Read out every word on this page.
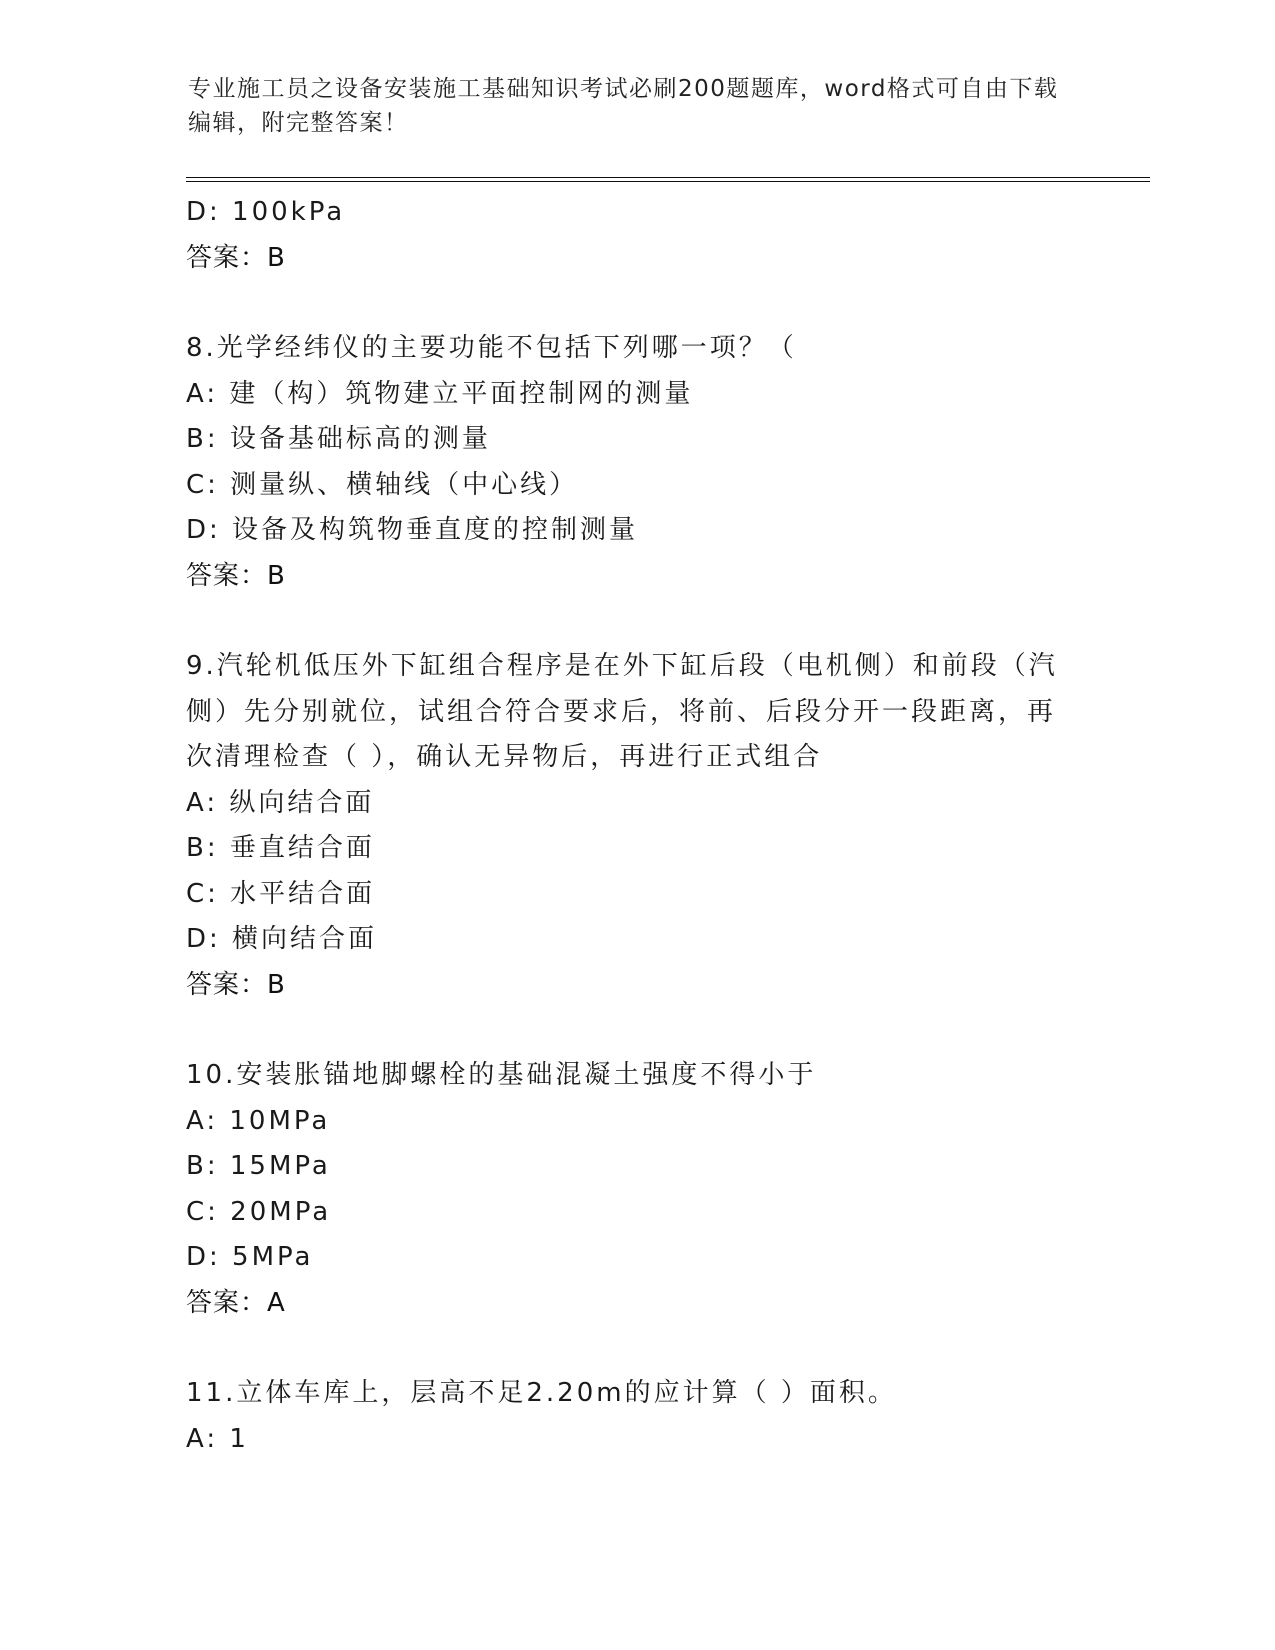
专业施工员之设备安装施工基础知识考试必刷200题题库，word格式可自由下载
编辑，附完整答案！
D: 100kPa
答案：B
8.光学经纬仪的主要功能不包括下列哪一项？（
A: 建（构）筑物建立平面控制网的测量
B: 设备基础标高的测量
C: 测量纵、横轴线（中心线）
D: 设备及构筑物垂直度的控制测量
答案：B
9.汽轮机低压外下缸组合程序是在外下缸后段（电机侧）和前段（汽
侧）先分别就位，试组合符合要求后，将前、后段分开一段距离，再
次清理检查（ ），确认无异物后，再进行正式组合
A: 纵向结合面
B: 垂直结合面
C: 水平结合面
D: 横向结合面
答案：B
10.安装胀锚地脚螺栓的基础混凝土强度不得小于
A: 10MPa
B: 15MPa
C: 20MPa
D: 5MPa
答案：A
11.立体车库上，层高不足2.20m的应计算（ ）面积。
A: 1
